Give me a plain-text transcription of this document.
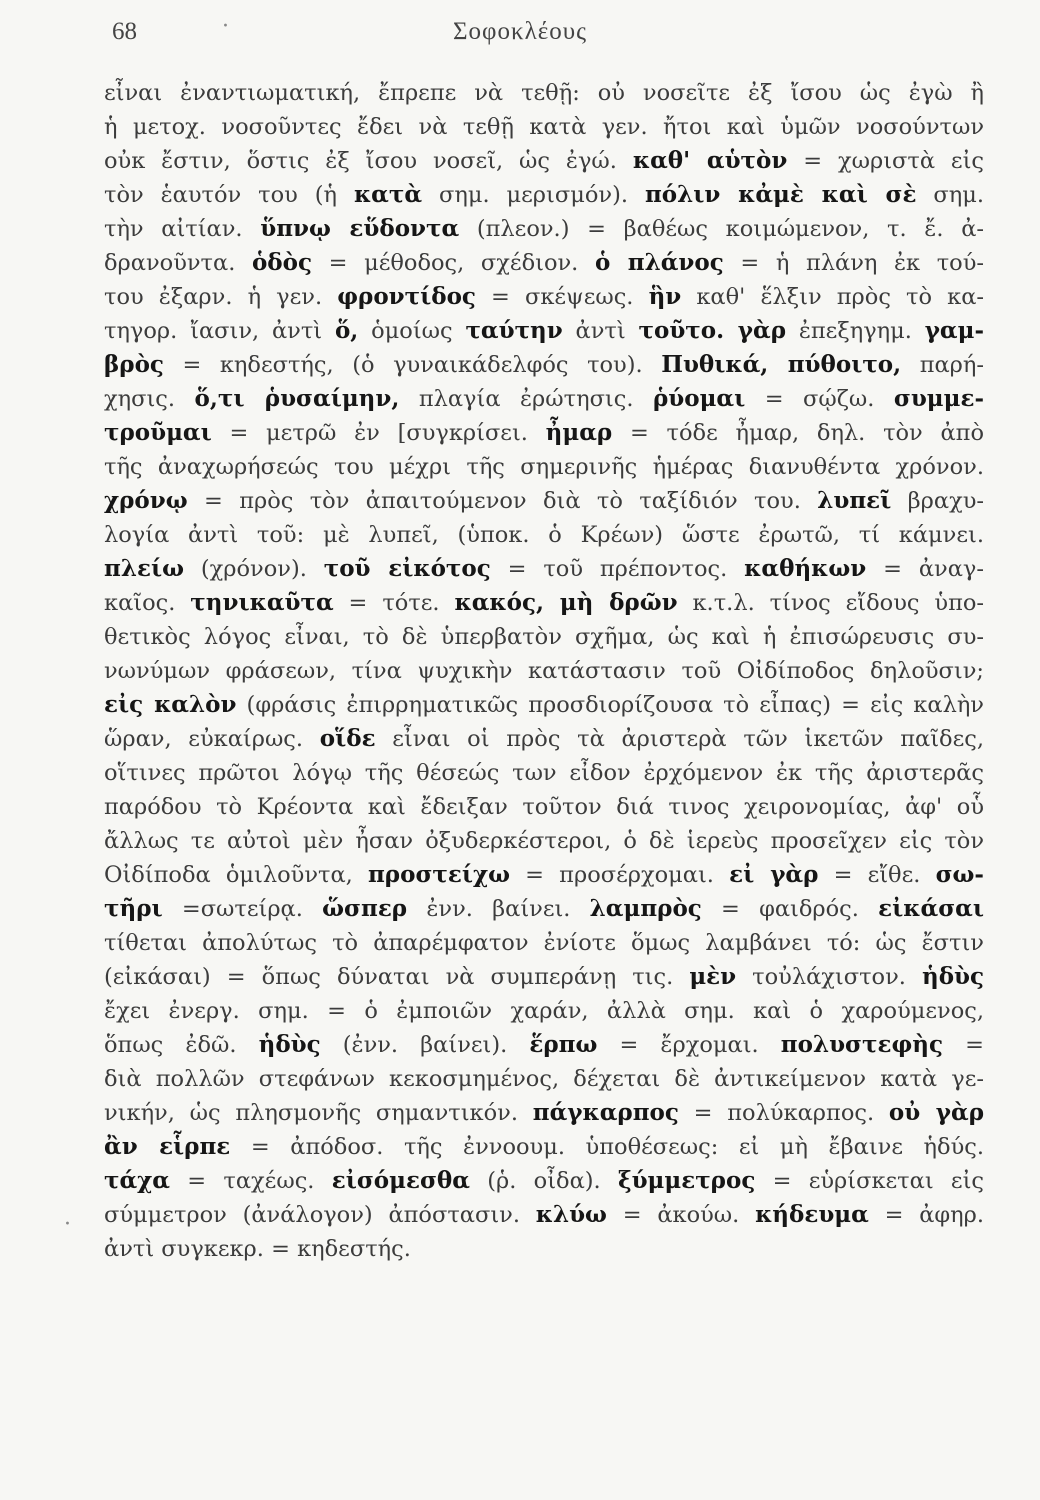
68	Σοφοκλέους
εἶναι ἐναντιωματική, ἔπρεπε νὰ τεθῇ: οὐ νοσεῖτε ἐξ ἴσου ὡς ἐγὼ ἢ
ἡ μετοχ. νοσοῦντες ἔδει νὰ τεθῇ κατὰ γεν. ἤτοι καὶ ὑμῶν νοσούντων
οὐκ ἔστιν, ὅστις ἐξ ἴσου νοσεῖ, ὡς ἐγώ. καθ' αὑτὸν = χωριστὰ εἰς
τὸν ἑαυτόν του (ἡ κατὰ σημ. μερισμόν). πόλιν κἀμὲ καὶ σὲ σημ.
τὴν αἰτίαν. ὕπνῳ εὕδοντα (πλεον.) = βαθέως κοιμώμενον, τ. ἔ. ἀ-
δρανοῦντα. ὁδὸς = μέθοδος, σχέδιον. ὁ πλάνος = ἡ πλάνη ἐκ τού-
του ἐξαρν. ἡ γεν. φροντίδος = σκέψεως. ἣν καθ' ἕλξιν πρὸς τὸ κα-
τηγορ. ἴασιν, ἀντὶ ὅ, ὁμοίως ταύτην ἀντὶ τοῦτο. γὰρ ἐπεξηγημ. γαμ-
βρὸς = κηδεστής, (ὁ γυναικάδελφός του). Πυθικά, πύθοιτο, παρή-
χησις. ὅ,τι ῥυσαίμην, πλαγία ἐρώτησις. ῥύομαι = σῴζω. συμμε-
τροῦμαι = μετρῶ ἐν [συγκρίσει. ἦμαρ = τόδε ἦμαρ, δηλ. τὸν ἀπὸ
τῆς ἀναχωρήσεώς του μέχρι τῆς σημερινῆς ἡμέρας διανυθέντα χρόνον.
χρόνῳ = πρὸς τὸν ἀπαιτούμενον διὰ τὸ ταξίδιόν του. λυπεῖ βραχυ-
λογία ἀντὶ τοῦ: μὲ λυπεῖ, (ὑποκ. ὁ Κρέων) ὥστε ἐρωτῶ, τί κάμνει.
πλείω (χρόνον). τοῦ εἰκότος = τοῦ πρέποντος. καθήκων = ἀναγ-
καῖος. τηνικαῦτα = τότε. κακός, μὴ δρῶν κ.τ.λ. τίνος εἴδους ὑπο-
θετικὸς λόγος εἶναι, τὸ δὲ ὑπερβατὸν σχῆμα, ὡς καὶ ἡ ἐπισώρευσις συ-
νωνύμων φράσεων, τίνα ψυχικὴν κατάστασιν τοῦ Οἰδίποδος δηλοῦσιν;
εἰς καλὸν (φράσις ἐπιρρηματικῶς προσδιορίζουσα τὸ εἶπας) = εἰς καλὴν
ὥραν, εὐκαίρως. οἵδε εἶναι οἱ πρὸς τὰ ἀριστερὰ τῶν ἱκετῶν παῖδες,
οἵτινες πρῶτοι λόγῳ τῆς θέσεώς των εἶδον ἐρχόμενον ἐκ τῆς ἀριστερᾶς
παρόδου τὸ Κρέοντα καὶ ἔδειξαν τοῦτον διά τινος χειρονομίας, ἀφ' οὗ
ἄλλως τε αὐτοὶ μὲν ἦσαν ὀξυδερκέστεροι, ὁ δὲ ἱερεὺς προσεῖχεν εἰς τὸν
Οἰδίποδα ὁμιλοῦντα, προστείχω = προσέρχομαι. εἰ γὰρ = εἴθε. σω-
τῆρι =σωτείρᾳ. ὥσπερ ἐνν. βαίνει. λαμπρὸς = φαιδρός. εἰκάσαι
τίθεται ἀπολύτως τὸ ἀπαρέμφατον ἐνίοτε ὅμως λαμβάνει τό: ὡς ἔστιν
(εἰκάσαι) = ὅπως δύναται νὰ συμπεράνῃ τις. μὲν τοὐλάχιστον. ἡδὺς
ἔχει ἐνεργ. σημ. = ὁ ἐμποιῶν χαράν, ἀλλὰ σημ. καὶ ὁ χαρούμενος,
ὅπως ἐδῶ. ἡδὺς (ἐνν. βαίνει). ἕρπω = ἔρχομαι. πολυστεφὴς =
διὰ πολλῶν στεφάνων κεκοσμημένος, δέχεται δὲ ἀντικείμενον κατὰ γε-
νικήν, ὡς πλησμονῆς σημαντικόν. πάγκαρπος = πολύκαρπος. οὐ γὰρ
ἂν εἷρπε = ἀπόδοσ. τῆς ἐννοουμ. ὑποθέσεως: εἰ μὴ ἔβαινε ἡδύς.
τάχα = ταχέως. εἰσόμεσθα (ῥ. οἶδα). ξύμμετρος = εὑρίσκεται εἰς
σύμμετρον (ἀνάλογον) ἀπόστασιν. κλύω = ἀκούω. κήδευμα = ἀφηρ.
ἀντὶ συγκεκρ. = κηδεστής.
·
·
